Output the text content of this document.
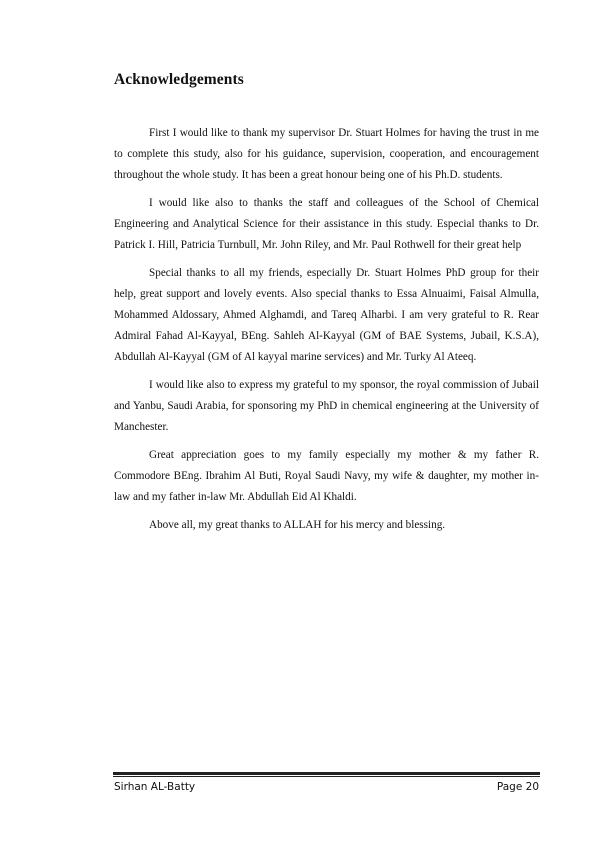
Acknowledgements

First I would like to thank my supervisor Dr. Stuart Holmes for having the trust in me to complete this study, also for his guidance, supervision, cooperation, and encouragement throughout the whole study. It has been a great honour being one of his Ph.D. students.

I would like also to thanks the staff and colleagues of the School of Chemical Engineering and Analytical Science for their assistance in this study. Especial thanks to Dr. Patrick I. Hill, Patricia Turnbull, Mr. John Riley, and Mr. Paul Rothwell for their great help

Special thanks to all my friends, especially Dr. Stuart Holmes PhD group for their help, great support and lovely events. Also special thanks to Essa Alnuaimi, Faisal Almulla, Mohammed Aldossary, Ahmed Alghamdi, and Tareq Alharbi. I am very grateful to R. Rear Admiral Fahad Al-Kayyal, BEng. Sahleh Al-Kayyal (GM of BAE Systems, Jubail, K.S.A), Abdullah Al-Kayyal (GM of Al kayyal marine services) and Mr. Turky Al Ateeq.

I would like also to express my grateful to my sponsor, the royal commission of Jubail and Yanbu, Saudi Arabia, for sponsoring my PhD in chemical engineering at the University of Manchester.

Great appreciation goes to my family especially my mother & my father R. Commodore BEng. Ibrahim Al Buti, Royal Saudi Navy, my wife & daughter, my mother in-law and my father in-law Mr. Abdullah Eid Al Khaldi.

Above all, my great thanks to ALLAH for his mercy and blessing.

Sirhan AL-Batty	Page 20
